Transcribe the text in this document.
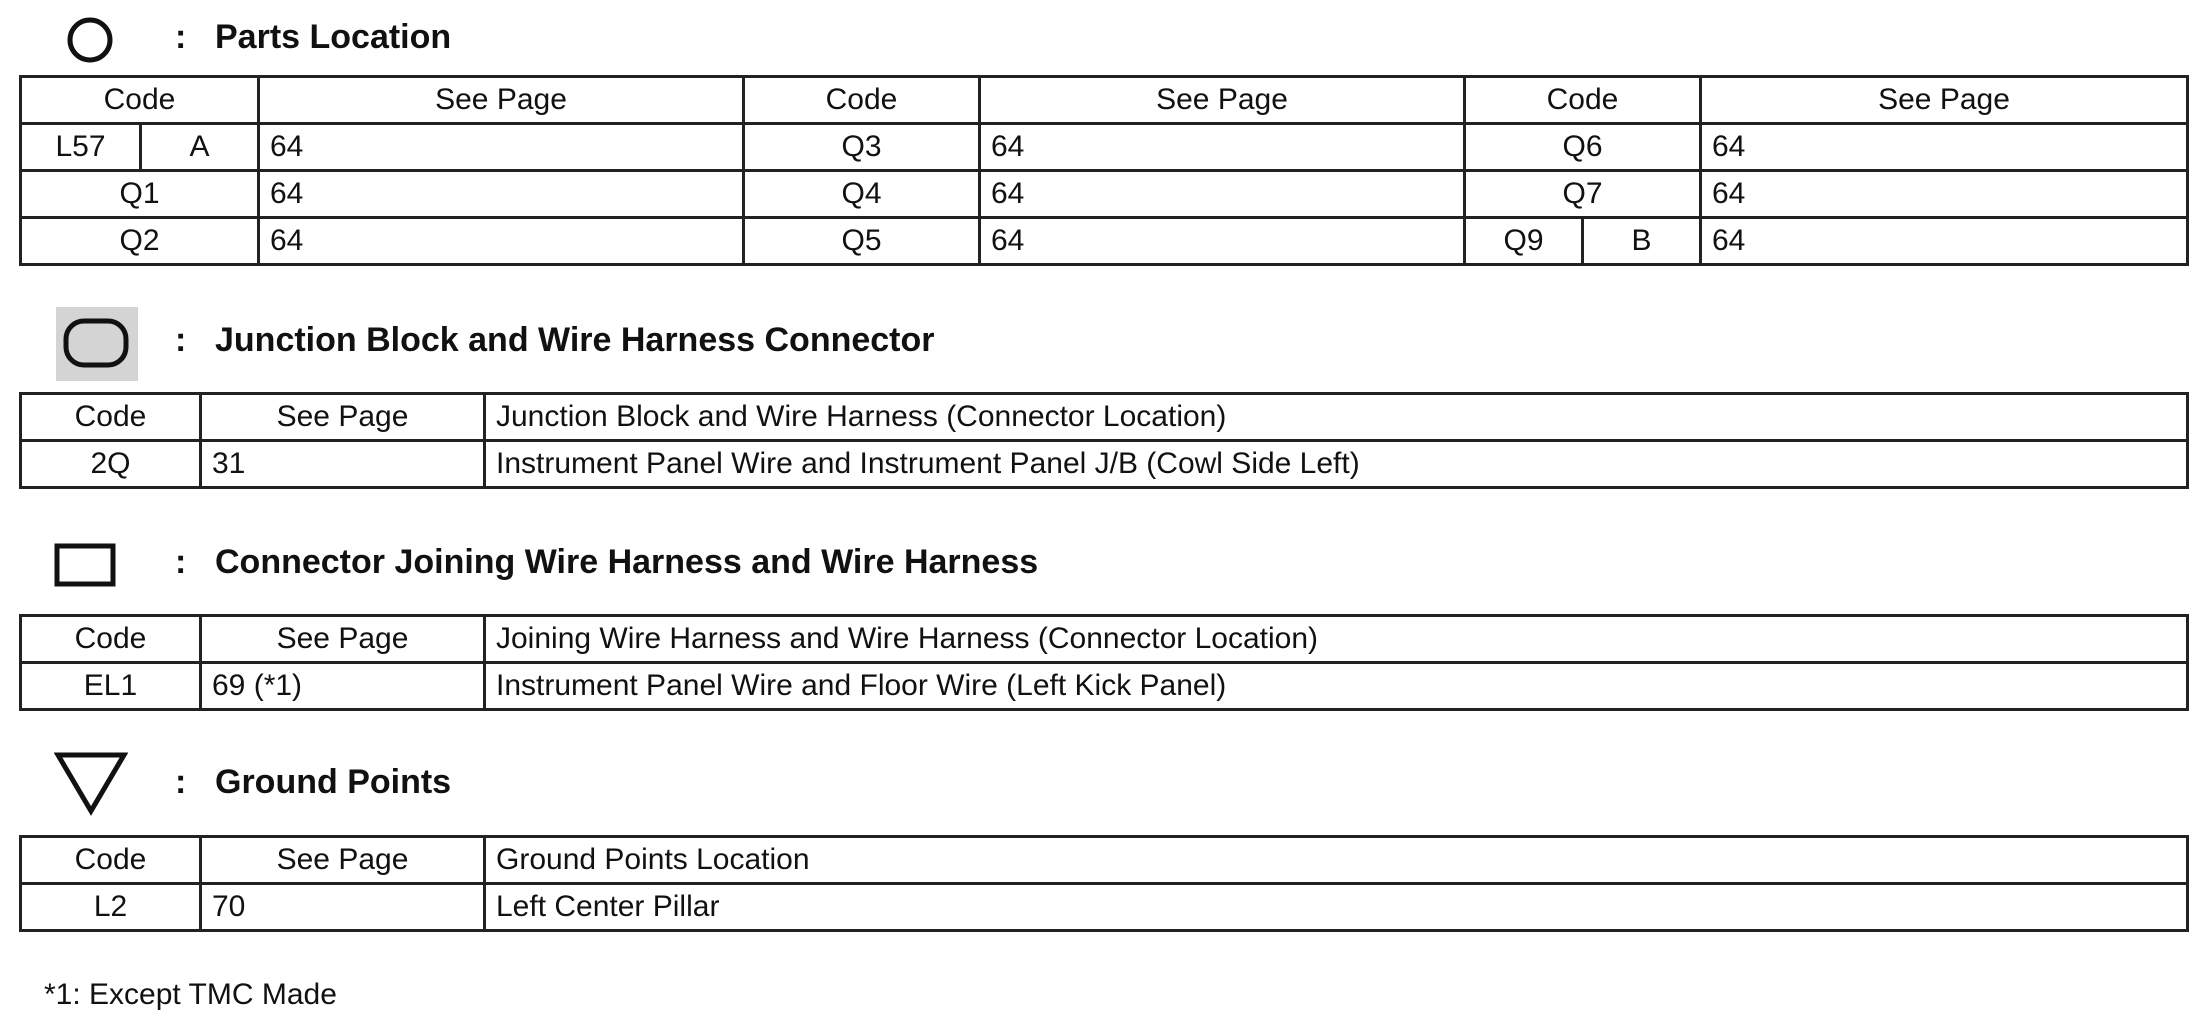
: Parts Location
Code		See Page	Code	See Page	Code		See Page
L57	A	64	Q3	64	Q6		64
Q1		64	Q4	64	Q7		64
Q2		64	Q5	64	Q9	B	64
: Junction Block and Wire Harness Connector
Code	See Page	Junction Block and Wire Harness (Connector Location)
2Q	31	Instrument Panel Wire and Instrument Panel J/B (Cowl Side Left)
: Connector Joining Wire Harness and Wire Harness
Code	See Page	Joining Wire Harness and Wire Harness (Connector Location)
EL1	69 (*1)	Instrument Panel Wire and Floor Wire (Left Kick Panel)
: Ground Points
Code	See Page	Ground Points Location
L2	70	Left Center Pillar
*1: Except TMC Made
